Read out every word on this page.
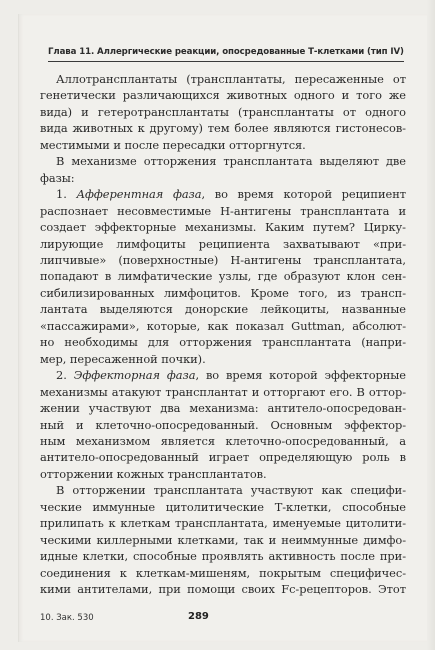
Глава 11. Аллергические реакции, опосредованные Т-клетками (тип IV)
Аллотрансплантаты (трансплантаты, пересаженные от
генетически различающихся животных одного и того же
вида) и гетеротрансплантаты (трансплантаты от одного
вида животных к другому) тем более являются гистонесов-
местимыми и после пересадки отторгнутся.
В механизме отторжения трансплантата выделяют две
фазы:
1. Афферентная фаза, во время которой реципиент
распознает несовместимые H-антигены трансплантата и
создает эффекторные механизмы. Каким путем? Цирку-
лирующие лимфоциты реципиента захватывают «при-
липчивые» (поверхностные) H-антигены трансплантата,
попадают в лимфатические узлы, где образуют клон сен-
сибилизированных лимфоцитов. Кроме того, из трансп-
лантата выделяются донорские лейкоциты, названные
«пассажирами», которые, как показал Guttman, абсолют-
но необходимы для отторжения трансплантата (напри-
мер, пересаженной почки).
2. Эффекторная фаза, во время которой эффекторные
механизмы атакуют трансплантат и отторгают его. В оттор-
жении участвуют два механизма: антитело-опосредован-
ный и клеточно-опосредованный. Основным эффектор-
ным механизмом является клеточно-опосредованный, а
антитело-опосредованный играет определяющую роль в
отторжении кожных трансплантатов.
В отторжении трансплантата участвуют как специфи-
ческие иммунные цитолитические Т-клетки, способные
прилипать к клеткам трансплантата, именуемые цитолити-
ческими киллерными клетками, так и неиммунные димфо-
идные клетки, способные проявлять активность после при-
соединения к клеткам-мишеням, покрытым специфичес-
кими антителами, при помощи своих Fc-рецепторов. Этот
10. Зак. 530	289
